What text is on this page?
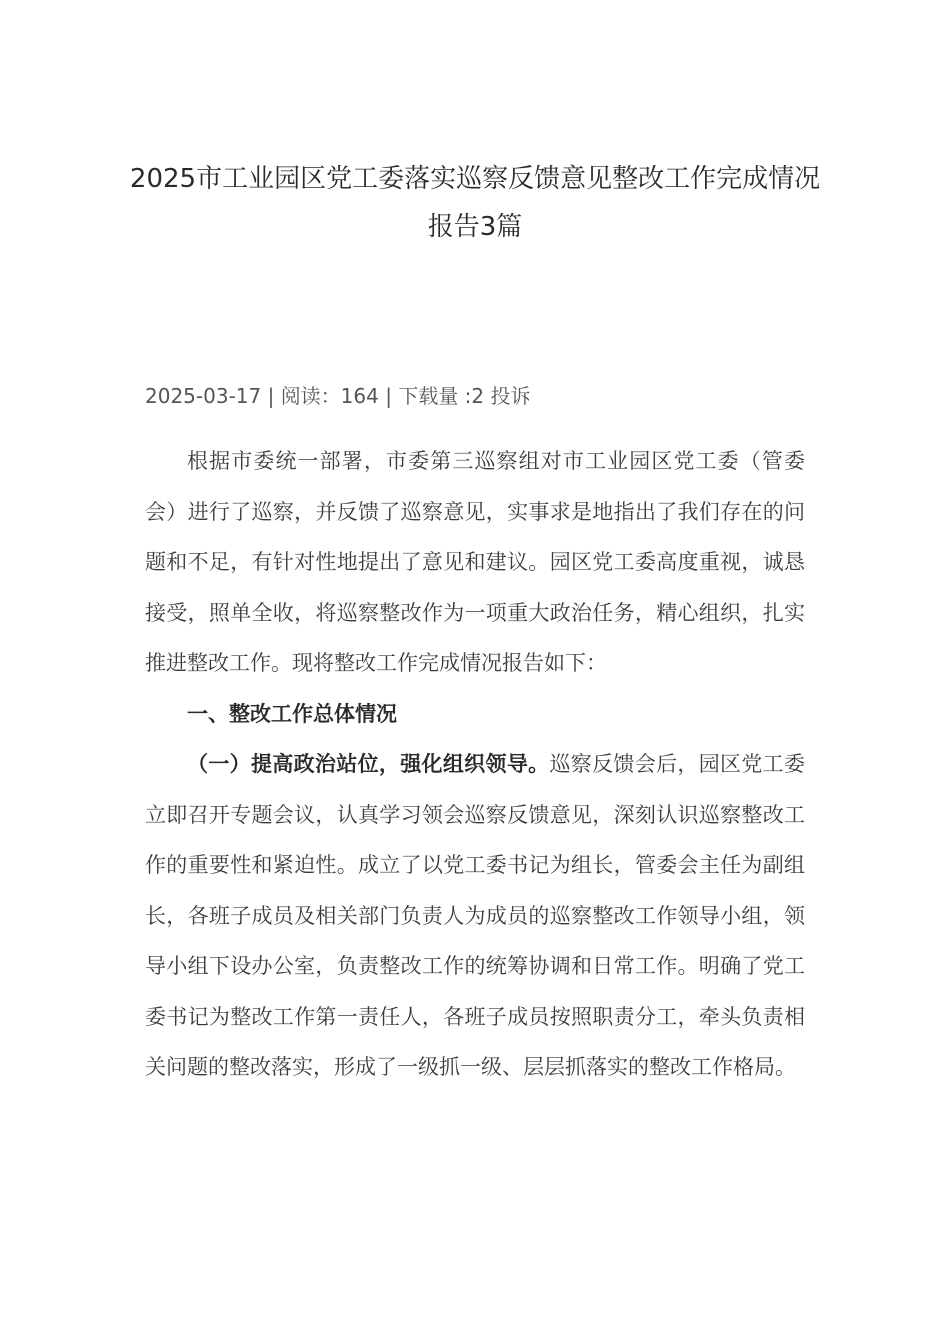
2025市工业园区党工委落实巡察反馈意见整改工作完成情况报告3篇
2025-03-17 | 阅读：164 | 下载量 :2 投诉

根据市委统一部署，市委第三巡察组对市工业园区党工委（管委会）进行了巡察，并反馈了巡察意见，实事求是地指出了我们存在的问题和不足，有针对性地提出了意见和建议。园区党工委高度重视，诚恳接受，照单全收，将巡察整改作为一项重大政治任务，精心组织，扎实推进整改工作。现将整改工作完成情况报告如下：

一、整改工作总体情况

（一）提高政治站位，强化组织领导。巡察反馈会后，园区党工委立即召开专题会议，认真学习领会巡察反馈意见，深刻认识巡察整改工作的重要性和紧迫性。成立了以党工委书记为组长，管委会主任为副组长，各班子成员及相关部门负责人为成员的巡察整改工作领导小组，领导小组下设办公室，负责整改工作的统筹协调和日常工作。明确了党工委书记为整改工作第一责任人，各班子成员按照职责分工，牵头负责相关问题的整改落实，形成了一级抓一级、层层抓落实的整改工作格局。
